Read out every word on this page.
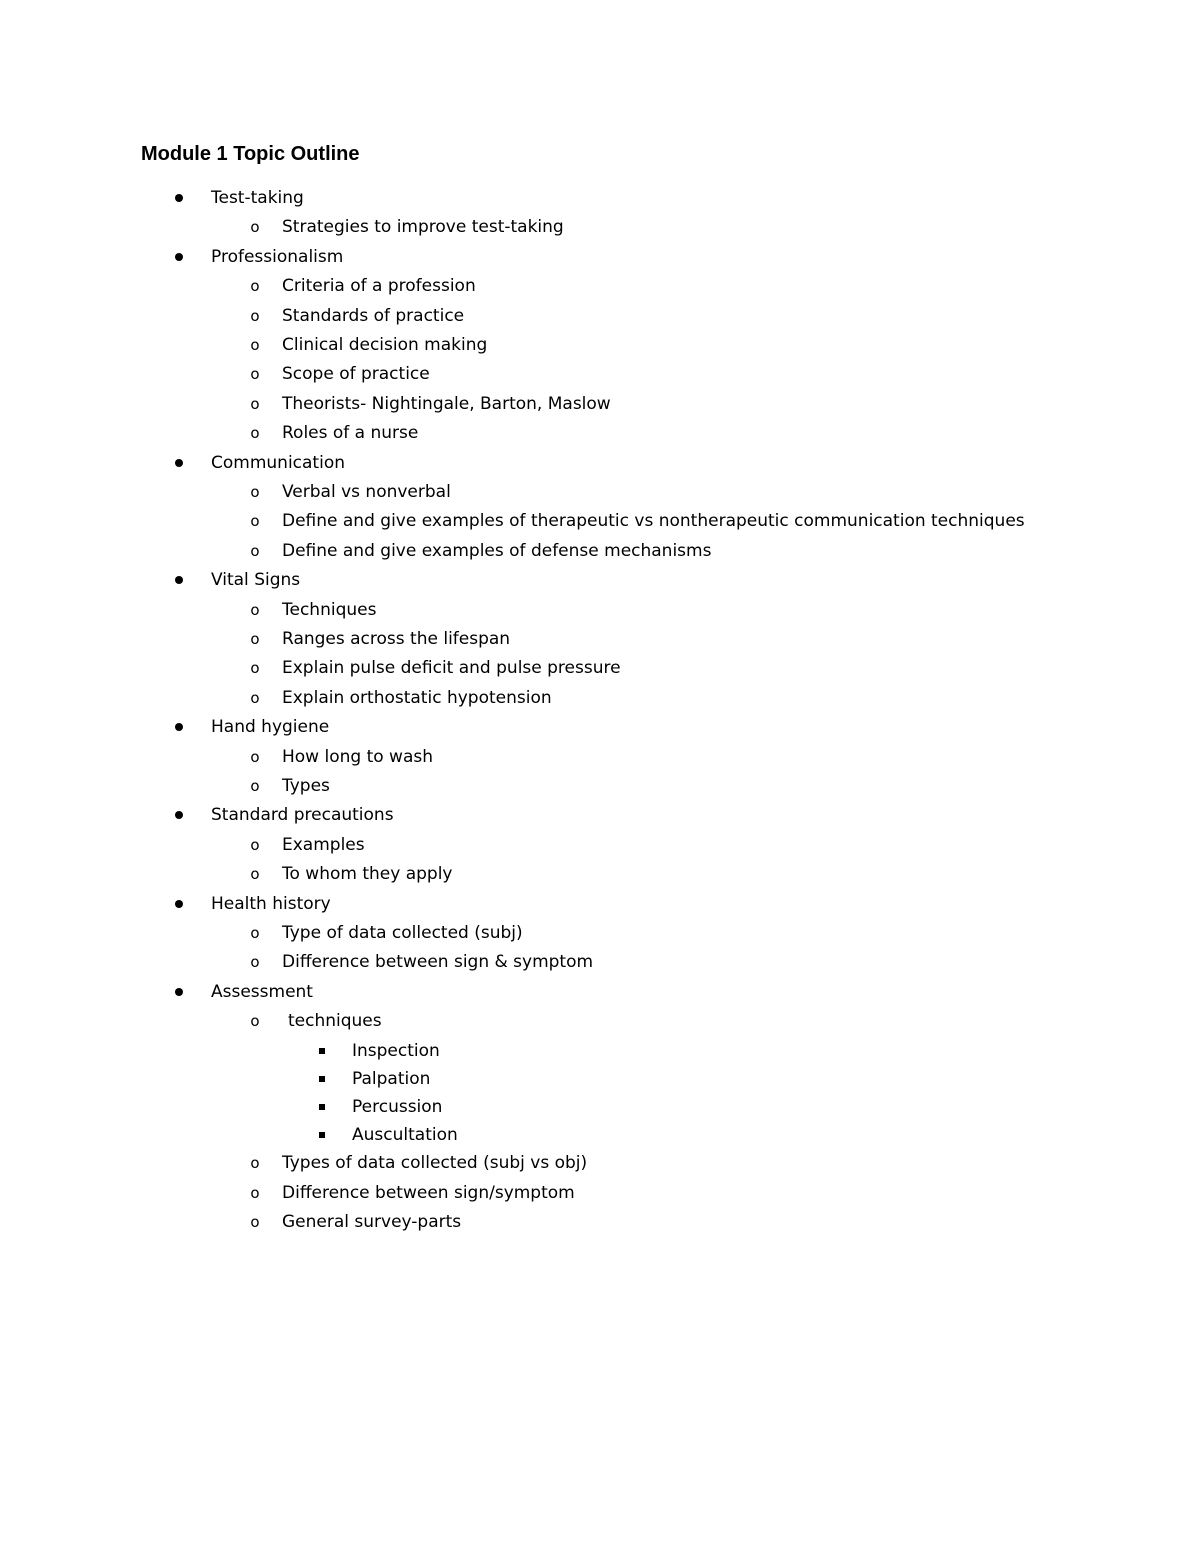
Module 1 Topic Outline
Test-taking
o Strategies to improve test-taking
Professionalism
o Criteria of a profession
o Standards of practice
o Clinical decision making
o Scope of practice
o Theorists- Nightingale, Barton, Maslow
o Roles of a nurse
Communication
o Verbal vs nonverbal
o Define and give examples of therapeutic vs nontherapeutic communication techniques
o Define and give examples of defense mechanisms
Vital Signs
o Techniques
o Ranges across the lifespan
o Explain pulse deficit and pulse pressure
o Explain orthostatic hypotension
Hand hygiene
o How long to wash
o Types
Standard precautions
o Examples
o To whom they apply
Health history
o Type of data collected (subj)
o Difference between sign & symptom
Assessment
o techniques
Inspection
Palpation
Percussion
Auscultation
o Types of data collected (subj vs obj)
o Difference between sign/symptom
o General survey-parts
